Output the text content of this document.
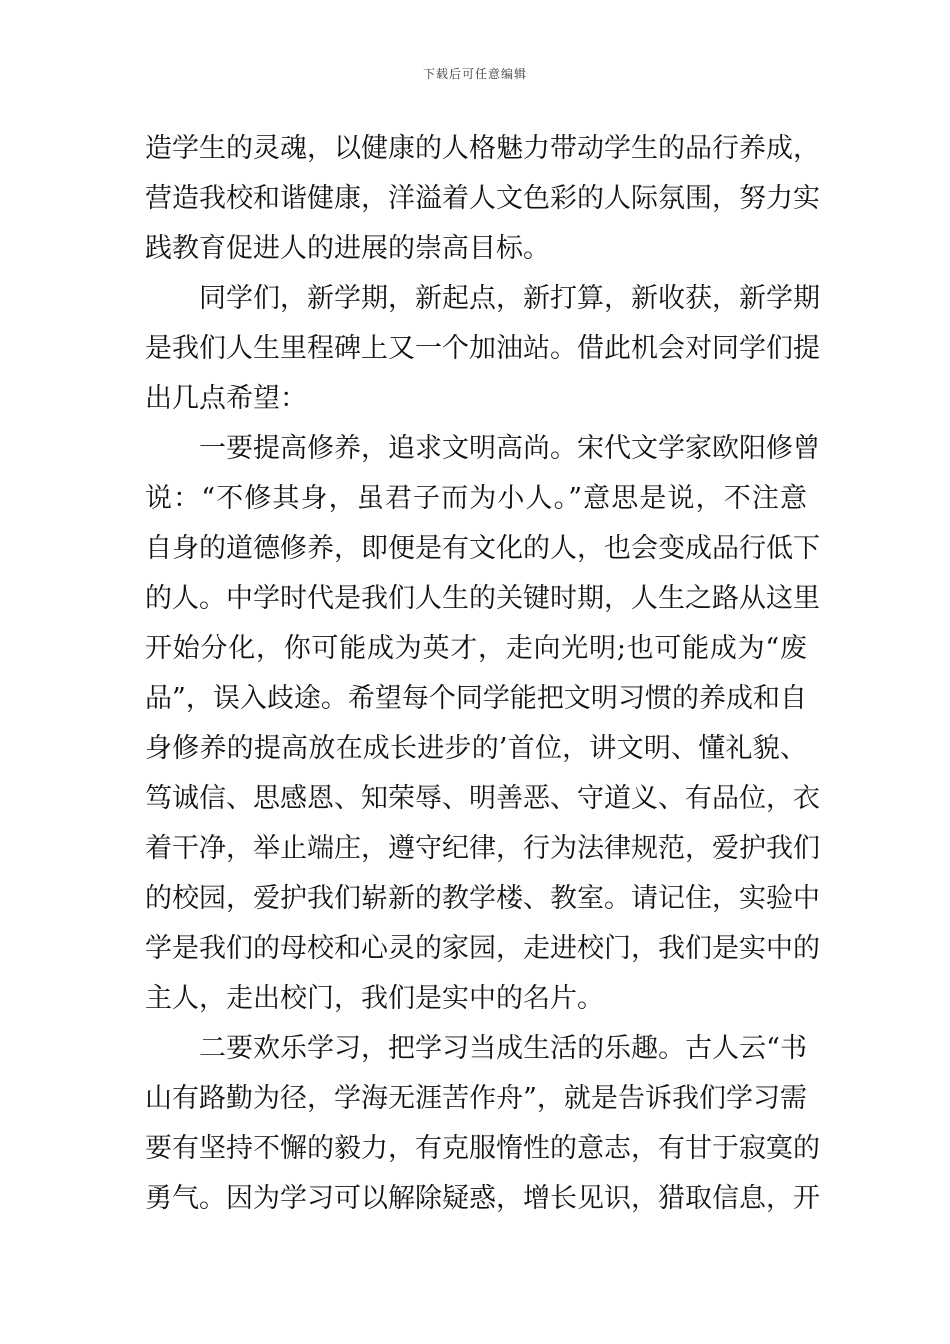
下载后可任意编辑
造学生的灵魂，以健康的人格魅力带动学生的品行养成，
营造我校和谐健康，洋溢着人文色彩的人际氛围，努力实
践教育促进人的进展的崇高目标。
同学们，新学期，新起点，新打算，新收获，新学期
是我们人生里程碑上又一个加油站。借此机会对同学们提
出几点希望：
一要提高修养，追求文明高尚。宋代文学家欧阳修曾
说：“不修其身，虽君子而为小人。”意思是说，不注意
自身的道德修养，即便是有文化的人，也会变成品行低下
的人。中学时代是我们人生的关键时期，人生之路从这里
开始分化，你可能成为英才，走向光明;也可能成为“废
品”，误入歧途。希望每个同学能把文明习惯的养成和自
身修养的提高放在成长进步的’首位，讲文明、懂礼貌、
笃诚信、思感恩、知荣辱、明善恶、守道义、有品位，衣
着干净，举止端庄，遵守纪律，行为法律规范，爱护我们
的校园，爱护我们崭新的教学楼、教室。请记住，实验中
学是我们的母校和心灵的家园，走进校门，我们是实中的
主人，走出校门，我们是实中的名片。
二要欢乐学习，把学习当成生活的乐趣。古人云“书
山有路勤为径，学海无涯苦作舟”，就是告诉我们学习需
要有坚持不懈的毅力，有克服惰性的意志，有甘于寂寞的
勇气。因为学习可以解除疑惑，增长见识，猎取信息，开
